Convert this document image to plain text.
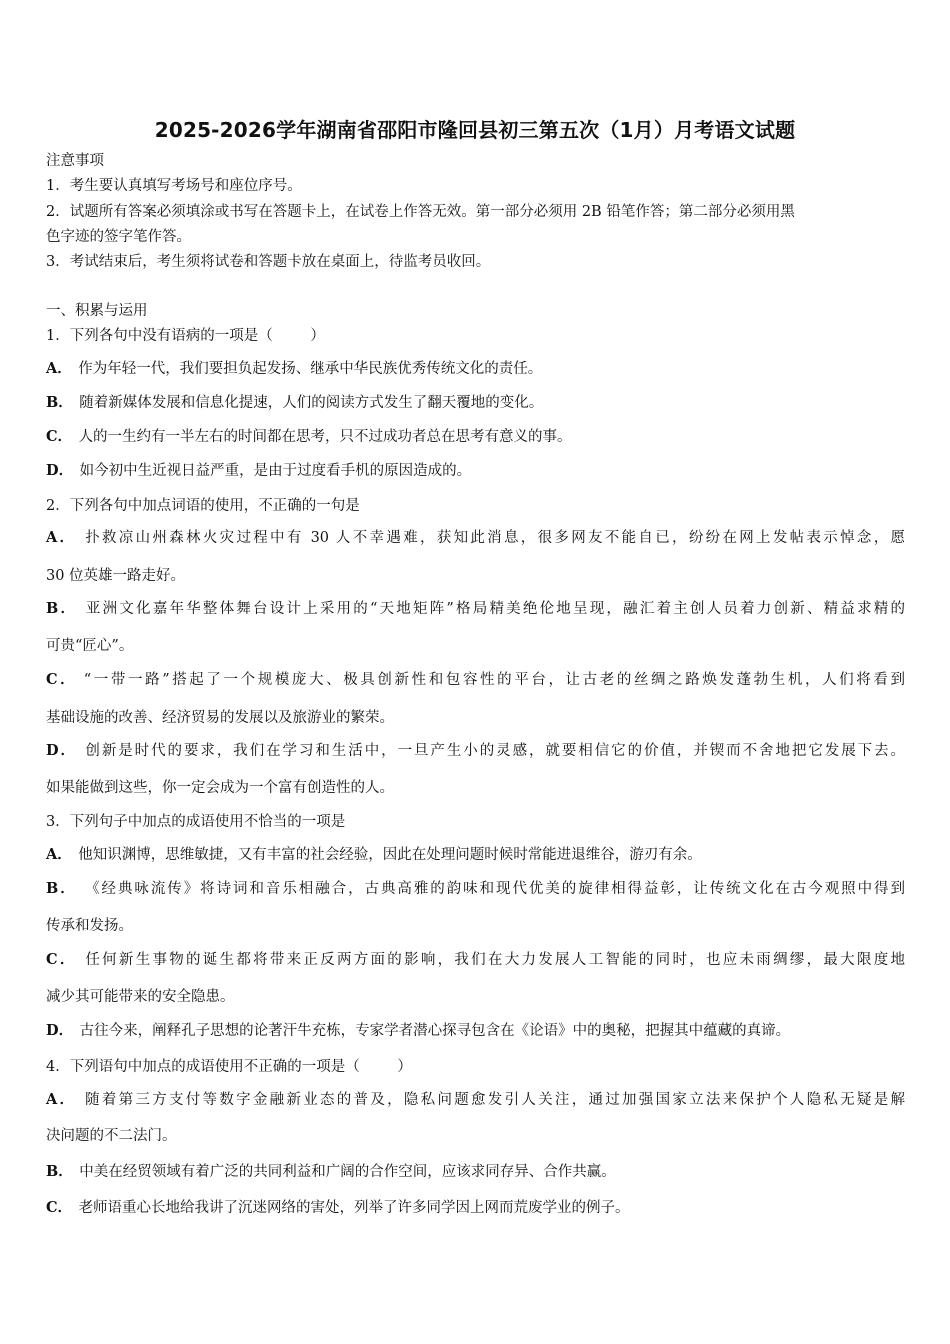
2025-2026学年湖南省邵阳市隆回县初三第五次（1月）月考语文试题
注意事项
1．考生要认真填写考场号和座位序号。
2．试题所有答案必须填涂或书写在答题卡上，在试卷上作答无效。第一部分必须用 2B 铅笔作答；第二部分必须用黑
色字迹的签字笔作答。
3．考试结束后，考生须将试卷和答题卡放在桌面上，待监考员收回。
一、积累与运用
1．下列各句中没有语病的一项是（	）
A． 作为年轻一代，我们要担负起发扬、继承中华民族优秀传统文化的责任。
B． 随着新媒体发展和信息化提速，人们的阅读方式发生了翻天覆地的变化。
C． 人的一生约有一半左右的时间都在思考，只不过成功者总在思考有意义的事。
D． 如今初中生近视日益严重，是由于过度看手机的原因造成的。
2．下列各句中加点词语的使用，不正确的一句是
A． 扑救凉山州森林火灾过程中有 30 人不幸遇难，获知此消息，很多网友不能自已，纷纷在网上发帖表示悼念，愿
30 位英雄一路走好。
B． 亚洲文化嘉年华整体舞台设计上采用的“天地矩阵”格局精美绝伦地呈现，融汇着主创人员着力创新、精益求精的
可贵“匠心”。
C． “一带一路”搭起了一个规模庞大、极具创新性和包容性的平台，让古老的丝绸之路焕发蓬勃生机，人们将看到
基础设施的改善、经济贸易的发展以及旅游业的繁荣。
D． 创新是时代的要求，我们在学习和生活中，一旦产生小的灵感，就要相信它的价值，并锲而不舍地把它发展下去。
如果能做到这些，你一定会成为一个富有创造性的人。
3．下列句子中加点的成语使用不恰当的一项是
A． 他知识渊博，思维敏捷，又有丰富的社会经验，因此在处理问题时候时常能进退维谷，游刃有余。
B． 《经典咏流传》将诗词和音乐相融合，古典高雅的韵味和现代优美的旋律相得益彰，让传统文化在古今观照中得到
传承和发扬。
C． 任何新生事物的诞生都将带来正反两方面的影响，我们在大力发展人工智能的同时，也应未雨绸缪，最大限度地
减少其可能带来的安全隐患。
D． 古往今来，阐释孔子思想的论著汗牛充栋，专家学者潜心探寻包含在《论语》中的奥秘，把握其中蕴藏的真谛。
4．下列语句中加点的成语使用不正确的一项是（	）
A． 随着第三方支付等数字金融新业态的普及，隐私问题愈发引人关注，通过加强国家立法来保护个人隐私无疑是解
决问题的不二法门。
B． 中美在经贸领域有着广泛的共同利益和广阔的合作空间，应该求同存异、合作共赢。
C． 老师语重心长地给我讲了沉迷网络的害处，列举了许多同学因上网而荒废学业的例子。
